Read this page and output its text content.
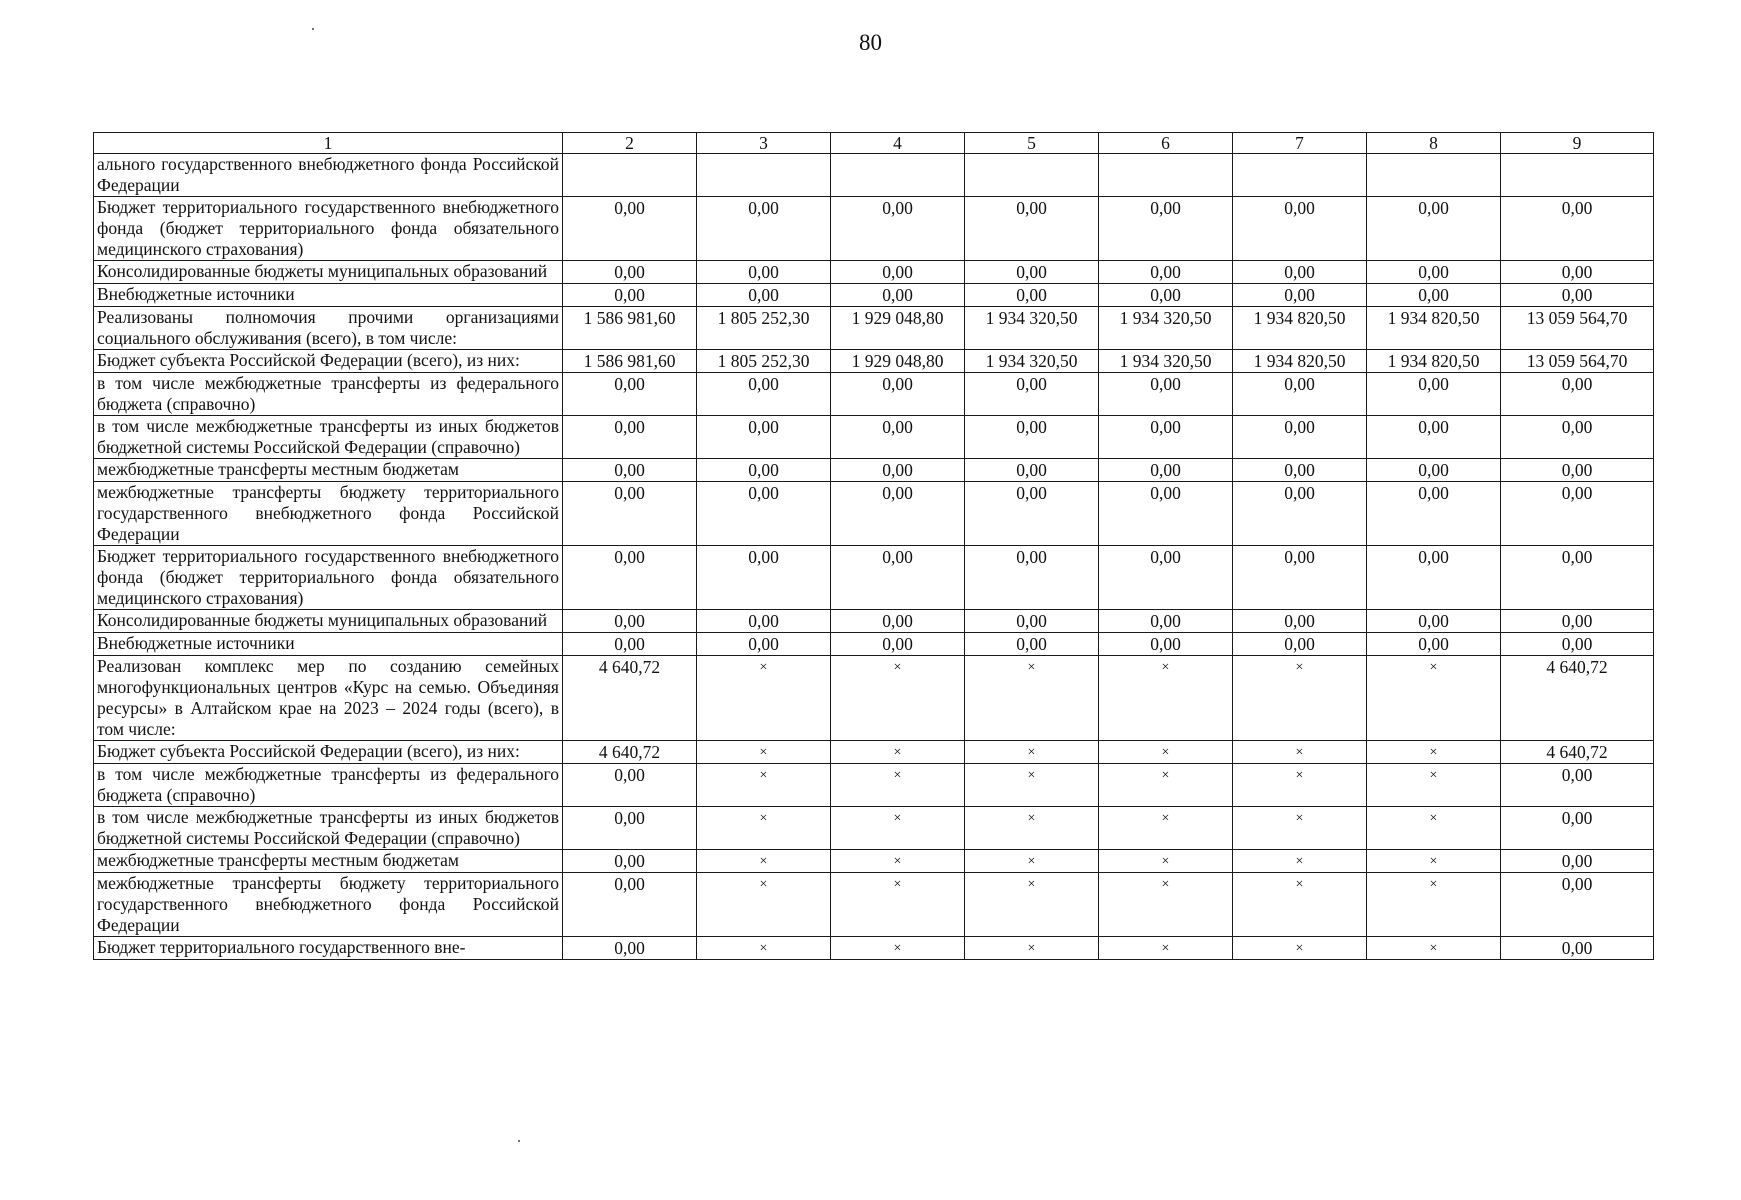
80
1	2	3	4	5	6	7	8	9
ального государственного внебюджетного фонда Российской Федерации								
Бюджет территориального государственного внебюджетного фонда (бюджет территориального фонда обязательного медицинского страхования)	0,00	0,00	0,00	0,00	0,00	0,00	0,00	0,00
Консолидированные бюджеты муниципальных образований	0,00	0,00	0,00	0,00	0,00	0,00	0,00	0,00
Внебюджетные источники	0,00	0,00	0,00	0,00	0,00	0,00	0,00	0,00
Реализованы полномочия прочими организациями социального обслуживания (всего), в том числе:	1 586 981,60	1 805 252,30	1 929 048,80	1 934 320,50	1 934 320,50	1 934 820,50	1 934 820,50	13 059 564,70
Бюджет субъекта Российской Федерации (всего), из них:	1 586 981,60	1 805 252,30	1 929 048,80	1 934 320,50	1 934 320,50	1 934 820,50	1 934 820,50	13 059 564,70
в том числе межбюджетные трансферты из федерального бюджета (справочно)	0,00	0,00	0,00	0,00	0,00	0,00	0,00	0,00
в том числе межбюджетные трансферты из иных бюджетов бюджетной системы Российской Федерации (справочно)	0,00	0,00	0,00	0,00	0,00	0,00	0,00	0,00
межбюджетные трансферты местным бюджетам	0,00	0,00	0,00	0,00	0,00	0,00	0,00	0,00
межбюджетные трансферты бюджету территориального государственного внебюджетного фонда Российской Федерации	0,00	0,00	0,00	0,00	0,00	0,00	0,00	0,00
Бюджет территориального государственного внебюджетного фонда (бюджет территориального фонда обязательного медицинского страхования)	0,00	0,00	0,00	0,00	0,00	0,00	0,00	0,00
Консолидированные бюджеты муниципальных образований	0,00	0,00	0,00	0,00	0,00	0,00	0,00	0,00
Внебюджетные источники	0,00	0,00	0,00	0,00	0,00	0,00	0,00	0,00
Реализован комплекс мер по созданию семейных многофункциональных центров «Курс на семью. Объединяя ресурсы» в Алтайском крае на 2023 – 2024 годы (всего), в том числе:	4 640,72	×	×	×	×	×	×	4 640,72
Бюджет субъекта Российской Федерации (всего), из них:	4 640,72	×	×	×	×	×	×	4 640,72
в том числе межбюджетные трансферты из федерального бюджета (справочно)	0,00	×	×	×	×	×	×	0,00
в том числе межбюджетные трансферты из иных бюджетов бюджетной системы Российской Федерации (справочно)	0,00	×	×	×	×	×	×	0,00
межбюджетные трансферты местным бюджетам	0,00	×	×	×	×	×	×	0,00
межбюджетные трансферты бюджету территориального государственного внебюджетного фонда Российской Федерации	0,00	×	×	×	×	×	×	0,00
Бюджет территориального государственного вне-	0,00	×	×	×	×	×	×	0,00
